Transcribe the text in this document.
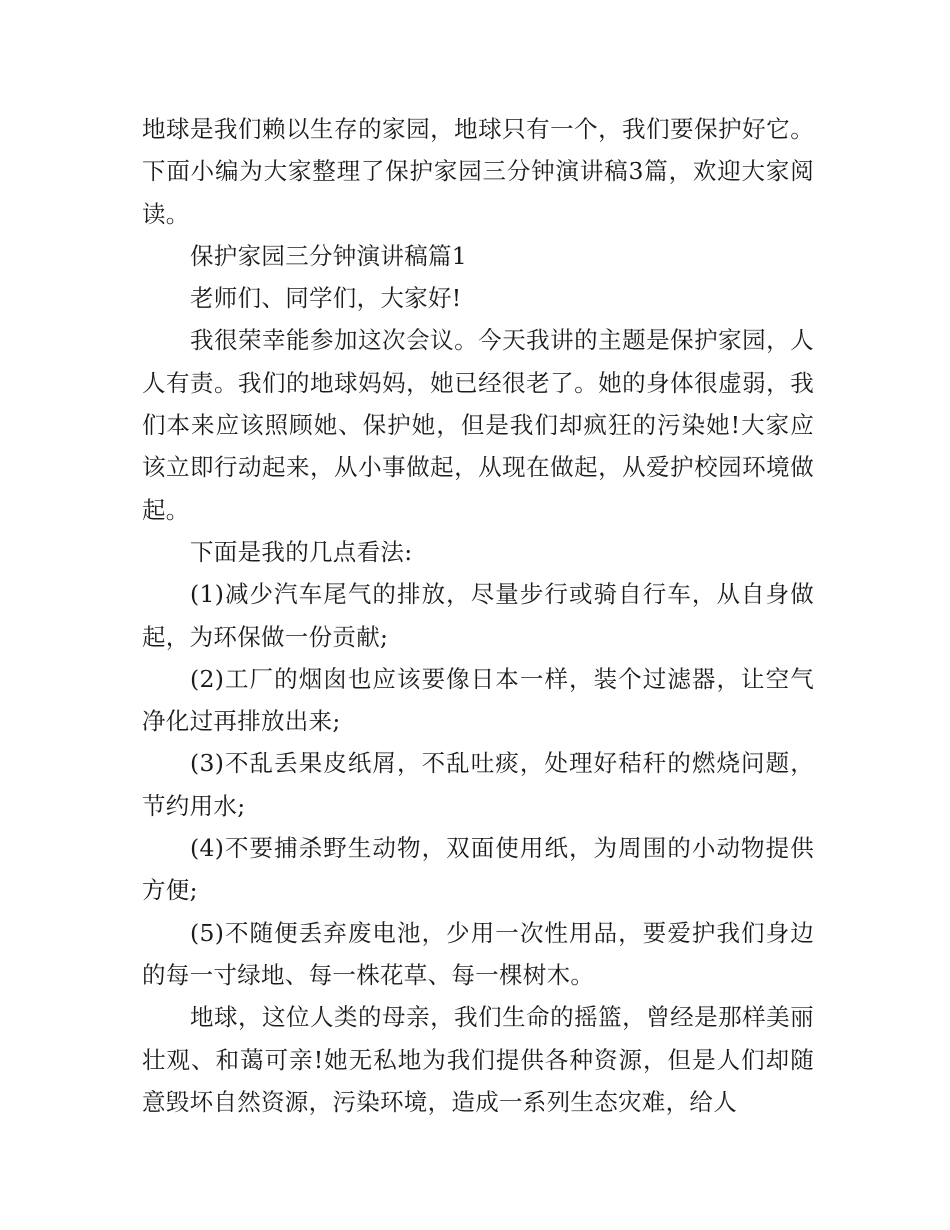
地球是我们赖以生存的家园，地球只有一个，我们要保护好它。下面小编为大家整理了保护家园三分钟演讲稿3篇，欢迎大家阅读。

保护家园三分钟演讲稿篇1

老师们、同学们，大家好!

我很荣幸能参加这次会议。今天我讲的主题是保护家园，人人有责。我们的地球妈妈，她已经很老了。她的身体很虚弱，我们本来应该照顾她、保护她，但是我们却疯狂的污染她!大家应该立即行动起来，从小事做起，从现在做起，从爱护校园环境做起。

下面是我的几点看法:

(1)减少汽车尾气的排放，尽量步行或骑自行车，从自身做起，为环保做一份贡献;

(2)工厂的烟囱也应该要像日本一样，装个过滤器，让空气净化过再排放出来;

(3)不乱丢果皮纸屑，不乱吐痰，处理好秸秆的燃烧问题，节约用水;

(4)不要捕杀野生动物，双面使用纸，为周围的小动物提供方便;

(5)不随便丢弃废电池，少用一次性用品，要爱护我们身边的每一寸绿地、每一株花草、每一棵树木。

地球，这位人类的母亲，我们生命的摇篮，曾经是那样美丽壮观、和蔼可亲!她无私地为我们提供各种资源，但是人们却随意毁坏自然资源，污染环境，造成一系列生态灾难，给人
